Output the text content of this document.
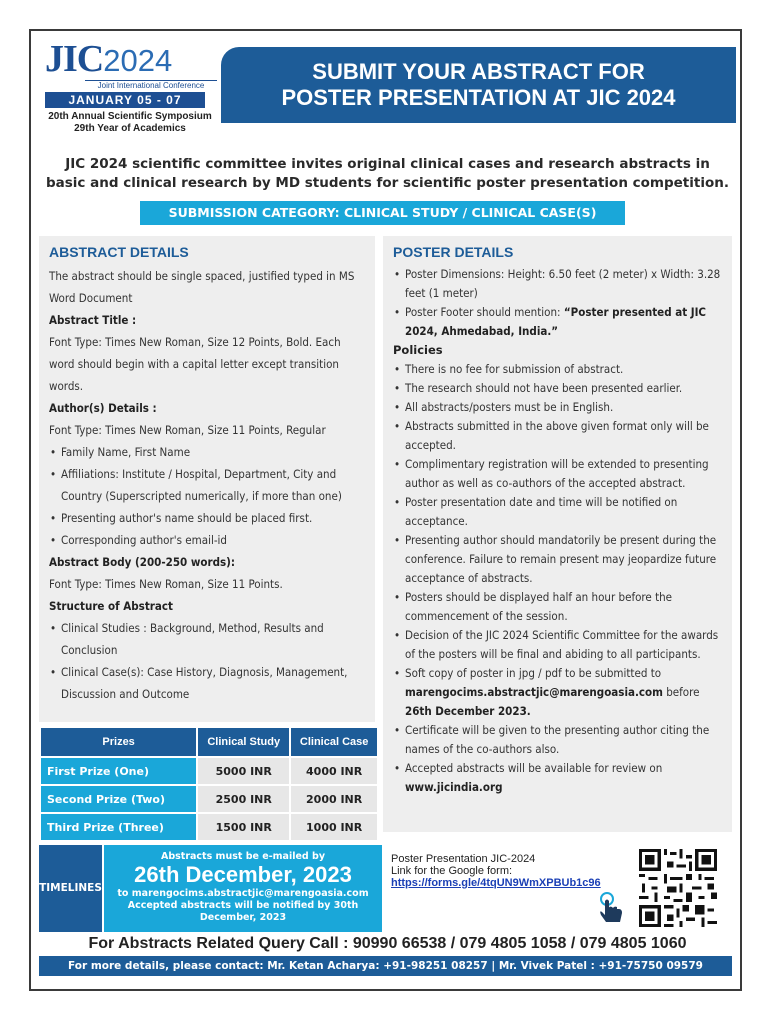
JIC2024
Joint International Conference
JANUARY 05 - 07
20th Annual Scientific Symposium
29th Year of Academics
SUBMIT YOUR ABSTRACT FOR
POSTER PRESENTATION AT JIC 2024
JIC 2024 scientific committee invites original clinical cases and research abstracts in basic and clinical research by MD students for scientific poster presentation competition.
SUBMISSION CATEGORY: CLINICAL STUDY / CLINICAL CASE(S)
ABSTRACT DETAILS

The abstract should be single spaced, justified typed in MS Word Document

Abstract Title :

Font Type: Times New Roman, Size 12 Points, Bold. Each word should begin with a capital letter except transition words.

Author(s) Details :

Font Type: Times New Roman, Size 11 Points, Regular

• Family Name, First Name
• Affiliations: Institute / Hospital, Department, City and Country (Superscripted numerically, if more than one)
• Presenting author's name should be placed first.
• Corresponding author's email-id

Abstract Body (200-250 words):

Font Type: Times New Roman, Size 11 Points.

Structure of Abstract

• Clinical Studies : Background, Method, Results and Conclusion
• Clinical Case(s): Case History, Diagnosis, Management, Discussion and Outcome
Prizes	Clinical Study	Clinical Case
First Prize (One)	5000 INR	4000 INR
Second Prize (Two)	2500 INR	2000 INR
Third Prize (Three)	1500 INR	1000 INR
TIMELINES
Abstracts must be e-mailed by
26th December, 2023
to marengocims.abstractjic@marengoasia.com
Accepted abstracts will be notified by 30th December, 2023
POSTER DETAILS
• Poster Dimensions: Height: 6.50 feet (2 meter) x Width: 3.28 feet (1 meter)
• Poster Footer should mention: “Poster presented at JIC 2024, Ahmedabad, India.”
Policies
• There is no fee for submission of abstract.
• The research should not have been presented earlier.
• All abstracts/posters must be in English.
• Abstracts submitted in the above given format only will be accepted.
• Complimentary registration will be extended to presenting author as well as co-authors of the accepted abstract.
• Poster presentation date and time will be notified on acceptance.
• Presenting author should mandatorily be present during the conference. Failure to remain present may jeopardize future acceptance of abstracts.
• Posters should be displayed half an hour before the commencement of the session.
• Decision of the JIC 2024 Scientific Committee for the awards of the posters will be final and abiding to all participants.
• Soft copy of poster in jpg / pdf to be submitted to marengocims.abstractjic@marengoasia.com before 26th December 2023.
• Certificate will be given to the presenting author citing the names of the co-authors also.
• Accepted abstracts will be available for review on www.jicindia.org
Poster Presentation JIC-2024
Link for the Google form:
https://forms.gle/4tqUN9WmXPBUb1c96
For Abstracts Related Query Call : 90990 66538 / 079 4805 1058 / 079 4805 1060
For more details, please contact: Mr. Ketan Acharya: +91-98251 08257 | Mr. Vivek Patel : +91-75750 09579
